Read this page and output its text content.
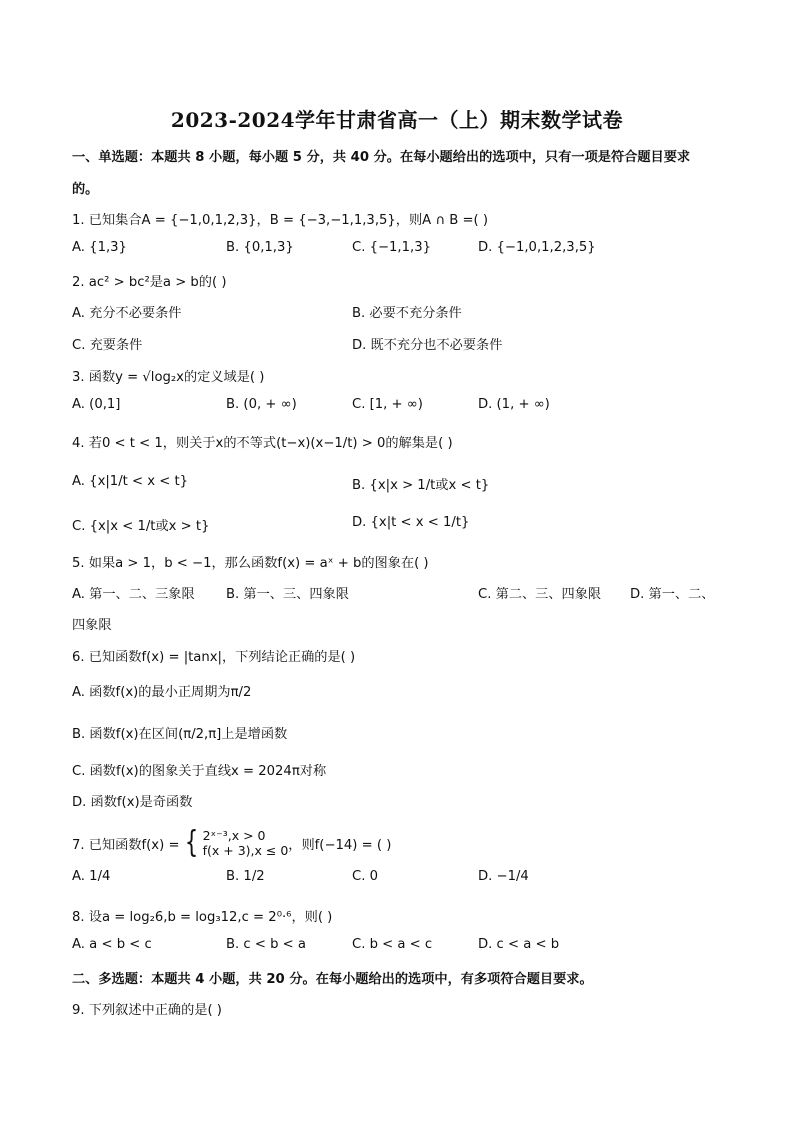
2023-2024学年甘肃省高一（上）期末数学试卷
一、单选题：本题共 8 小题，每小题 5 分，共 40 分。在每小题给出的选项中，只有一项是符合题目要求
的。
1. 已知集合A = {−1,0,1,2,3}，B = {−3,−1,1,3,5}，则A ∩ B =( )
A. {1,3}	B. {0,1,3}	C. {−1,1,3}	D. {−1,0,1,2,3,5}
2. ac² > bc²是a > b的( )
A. 充分不必要条件	B. 必要不充分条件
C. 充要条件	D. 既不充分也不必要条件
3. 函数y = √log₂x的定义域是( )
A. (0,1]	B. (0, + ∞)	C. [1, + ∞)	D. (1, + ∞)
4. 若0 < t < 1，则关于x的不等式(t−x)(x−1/t) > 0的解集是( )
A. {x|1/t < x < t}	B. {x|x > 1/t或x < t}
C. {x|x < 1/t或x > t}	D. {x|t < x < 1/t}
5. 如果a > 1，b < −1，那么函数f(x) = aˣ + b的图象在( )
A. 第一、二、三象限 B. 第一、三、四象限	C. 第二、三、四象限 D. 第一、二、
四象限
6. 已知函数f(x) = |tanx|，下列结论正确的是( )
A. 函数f(x)的最小正周期为π/2
B. 函数f(x)在区间(π/2,π]上是增函数
C. 函数f(x)的图象关于直线x = 2024π对称
D. 函数f(x)是奇函数
7. 已知函数f(x) = { 2ˣ⁻³,x > 0
f(x + 3),x ≤ 0 ，则f(−14) = ( )
A. 1/4	B. 1/2	C. 0	D. −1/4
8. 设a = log₂6,b = log₃12,c = 2⁰·⁶，则( )
A. a < b < c	B. c < b < a	C. b < a < c	D. c < a < b
二、多选题：本题共 4 小题，共 20 分。在每小题给出的选项中，有多项符合题目要求。
9. 下列叙述中正确的是( )
